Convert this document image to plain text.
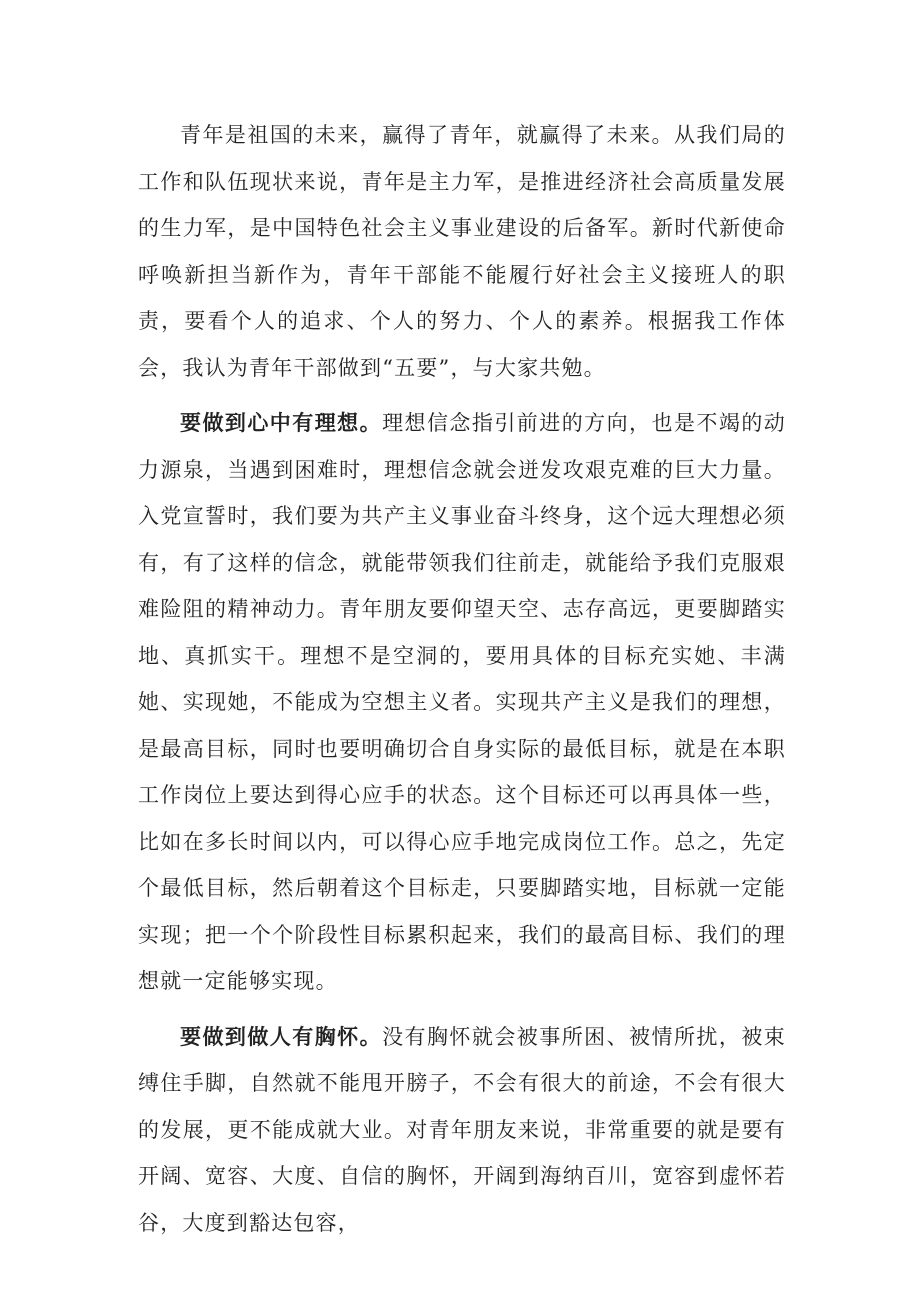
青年是祖国的未来，赢得了青年，就赢得了未来。从我们局的工作和队伍现状来说，青年是主力军，是推进经济社会高质量发展的生力军，是中国特色社会主义事业建设的后备军。新时代新使命呼唤新担当新作为，青年干部能不能履行好社会主义接班人的职责，要看个人的追求、个人的努力、个人的素养。根据我工作体会，我认为青年干部做到“五要”，与大家共勉。

要做到心中有理想。理想信念指引前进的方向，也是不竭的动力源泉，当遇到困难时，理想信念就会迸发攻艰克难的巨大力量。入党宣誓时，我们要为共产主义事业奋斗终身，这个远大理想必须有，有了这样的信念，就能带领我们往前走，就能给予我们克服艰难险阻的精神动力。青年朋友要仰望天空、志存高远，更要脚踏实地、真抓实干。理想不是空洞的，要用具体的目标充实她、丰满她、实现她，不能成为空想主义者。实现共产主义是我们的理想，是最高目标，同时也要明确切合自身实际的最低目标，就是在本职工作岗位上要达到得心应手的状态。这个目标还可以再具体一些，比如在多长时间以内，可以得心应手地完成岗位工作。总之，先定个最低目标，然后朝着这个目标走，只要脚踏实地，目标就一定能实现；把一个个阶段性目标累积起来，我们的最高目标、我们的理想就一定能够实现。

要做到做人有胸怀。没有胸怀就会被事所困、被情所扰，被束缚住手脚，自然就不能甩开膀子，不会有很大的前途，不会有很大的发展，更不能成就大业。对青年朋友来说，非常重要的就是要有开阔、宽容、大度、自信的胸怀，开阔到海纳百川，宽容到虚怀若谷，大度到豁达包容，
